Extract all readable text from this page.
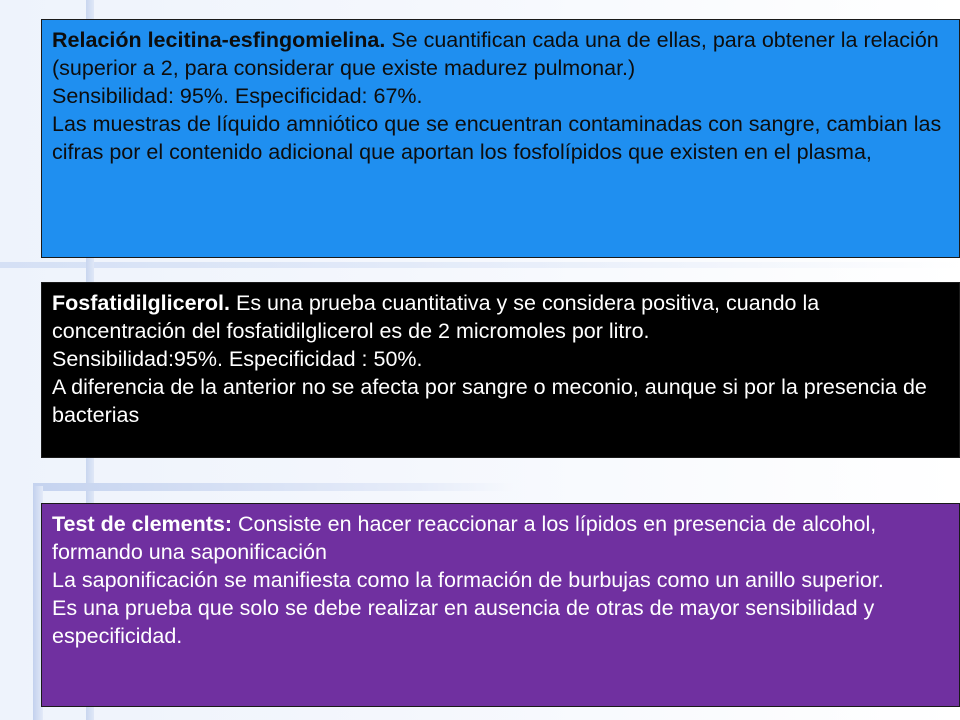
Relación lecitina-esfingomielina. Se cuantifican cada una de ellas, para obtener la relación (superior a 2, para considerar que existe madurez pulmonar.)

Sensibilidad: 95%. Especificidad: 67%.

Las muestras de líquido amniótico que se encuentran contaminadas con sangre, cambian las cifras por el contenido adicional que aportan los fosfolípidos que existen en el plasma,

Fosfatidilglicerol. Es una prueba cuantitativa y se considera positiva, cuando la concentración del fosfatidilglicerol es de 2 micromoles por litro.

Sensibilidad:95%. Especificidad : 50%.

A diferencia de la anterior no se afecta por sangre o meconio, aunque si por la presencia de bacterias

Test de clements: Consiste en hacer reaccionar a los lípidos en presencia de alcohol, formando una saponificación

La saponificación se manifiesta como la formación de burbujas como un anillo superior.

Es una prueba que solo se debe realizar en ausencia de otras de mayor sensibilidad y especificidad.
